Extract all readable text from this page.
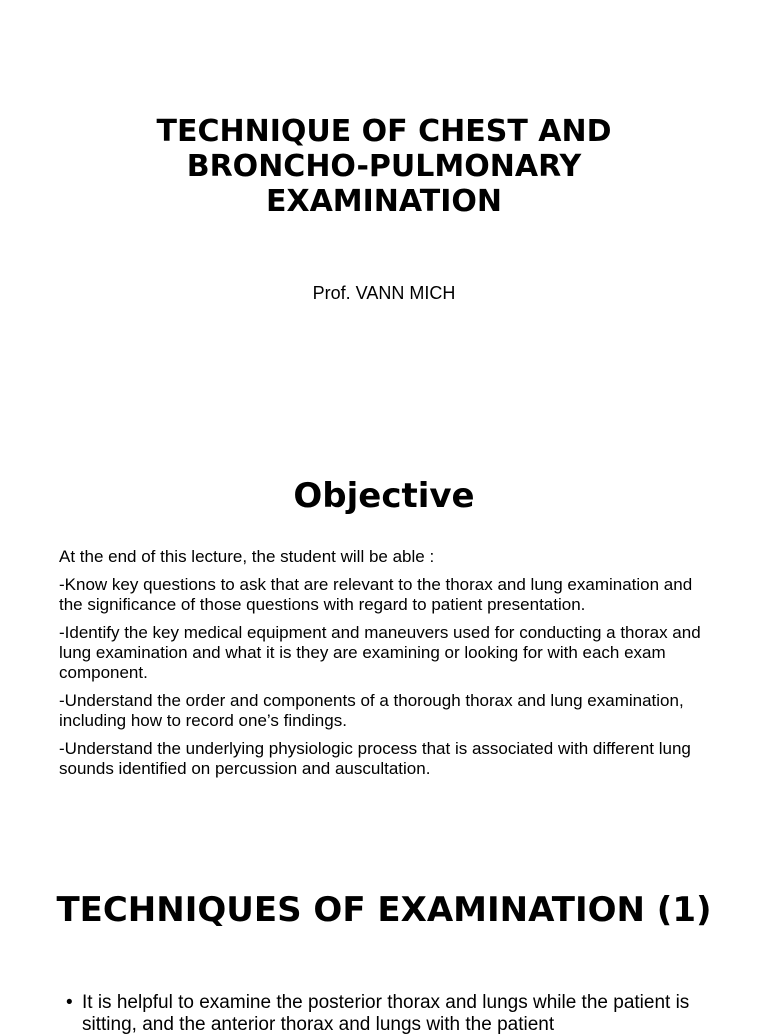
TECHNIQUE OF CHEST AND BRONCHO-PULMONARY EXAMINATION
Prof. VANN MICH
Objective

At the end of this lecture, the student will be able :

-Know key questions to ask that are relevant to the thorax and lung examination and the significance of those questions with regard to patient presentation.

-Identify the key medical equipment and maneuvers used for conducting a thorax and lung examination and what it is they are examining or looking for with each exam component.

-Understand the order and components of a thorough thorax and lung examination, including how to record one’s findings.

-Understand the underlying physiologic process that is associated with different lung sounds identified on percussion and auscultation.

TECHNIQUES OF EXAMINATION (1)
• It is helpful to examine the posterior thorax and lungs while the patient is sitting, and the anterior thorax and lungs with the patient
